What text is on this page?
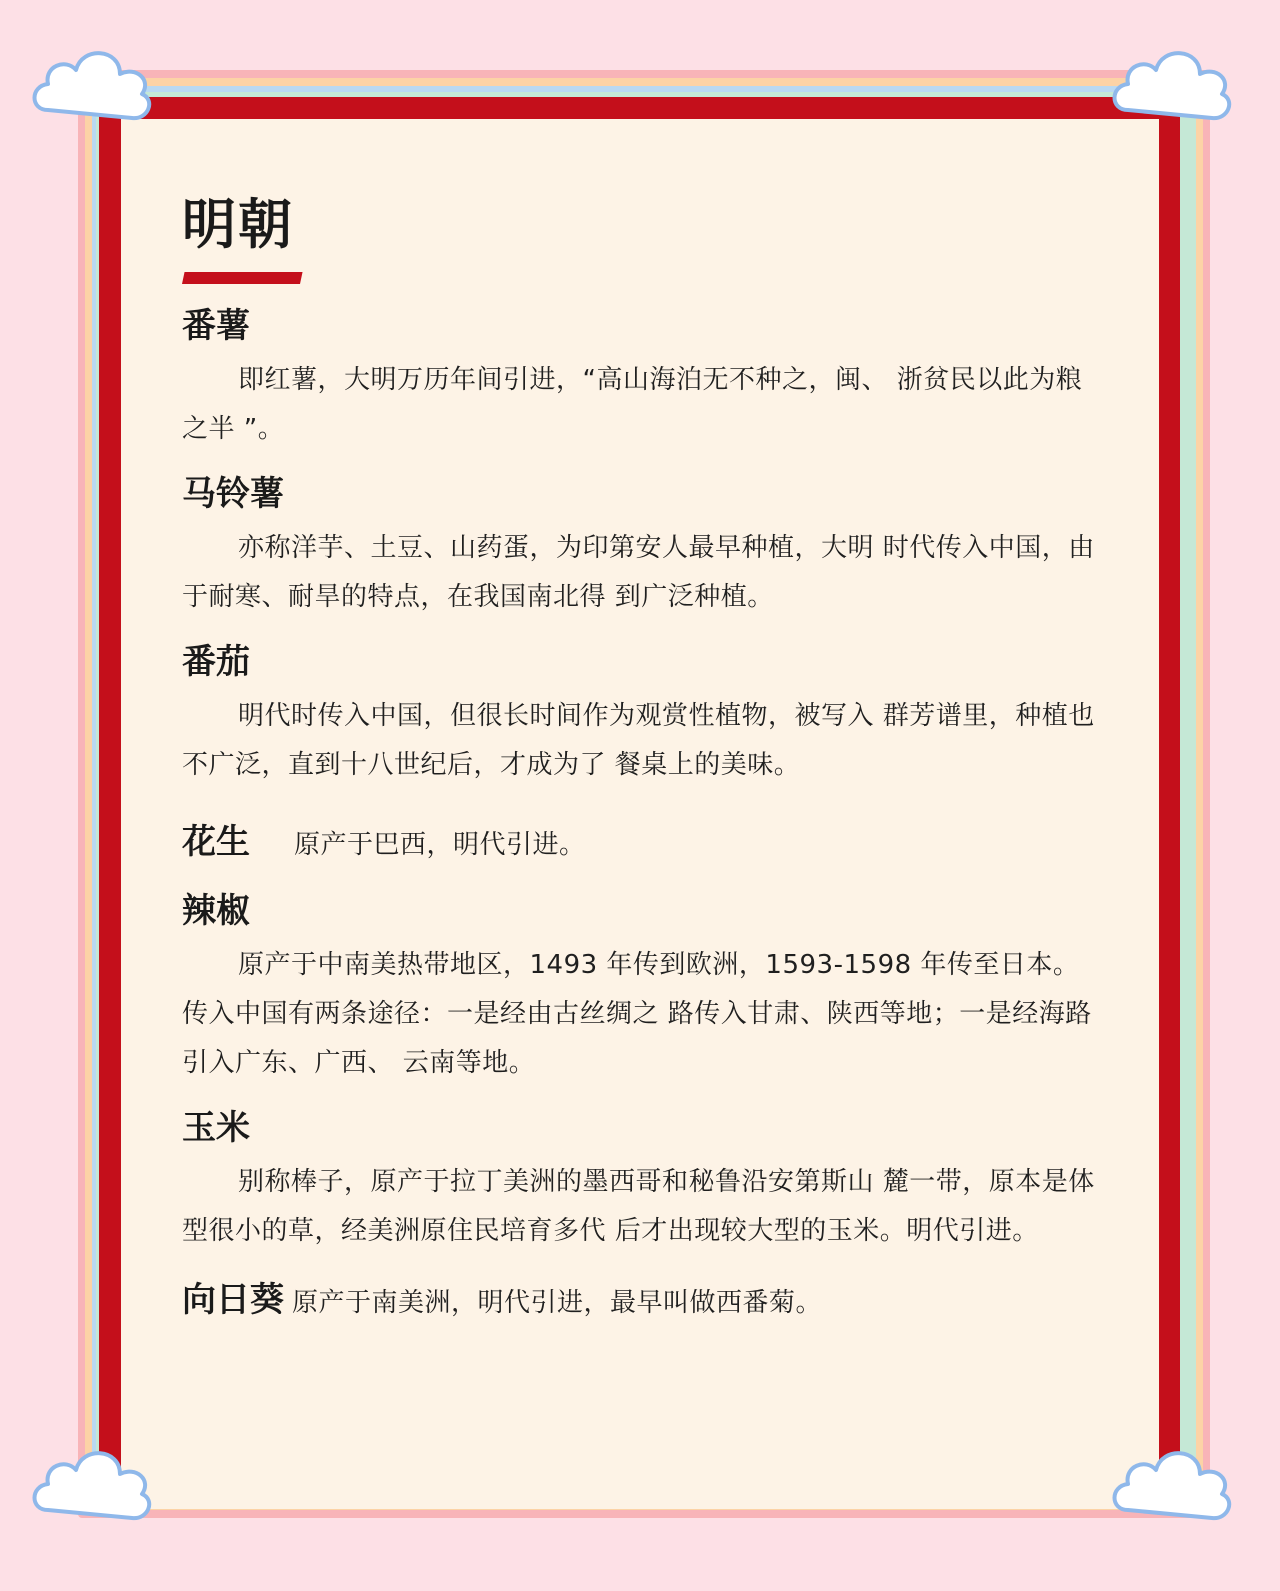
明朝
番薯

即红薯，大明万历年间引进，“高山海泊无不种之，闽、 浙贫民以此为粮之半 ”。

马铃薯

亦称洋芋、土豆、山药蛋，为印第安人最早种植，大明 时代传入中国，由于耐寒、耐旱的特点，在我国南北得 到广泛种植。

番茄

明代时传入中国，但很长时间作为观赏性植物，被写入 群芳谱里，种植也不广泛，直到十八世纪后，才成为了 餐桌上的美味。

花生 原产于巴西，明代引进。
辣椒

原产于中南美热带地区，1493 年传到欧洲，1593-1598 年传至日本。传入中国有两条途径：一是经由古丝绸之 路传入甘肃、陕西等地；一是经海路引入广东、广西、 云南等地。

玉米

别称棒子，原产于拉丁美洲的墨西哥和秘鲁沿安第斯山 麓一带，原本是体型很小的草，经美洲原住民培育多代 后才出现较大型的玉米。明代引进。

向日葵 原产于南美洲，明代引进，最早叫做西番菊。
